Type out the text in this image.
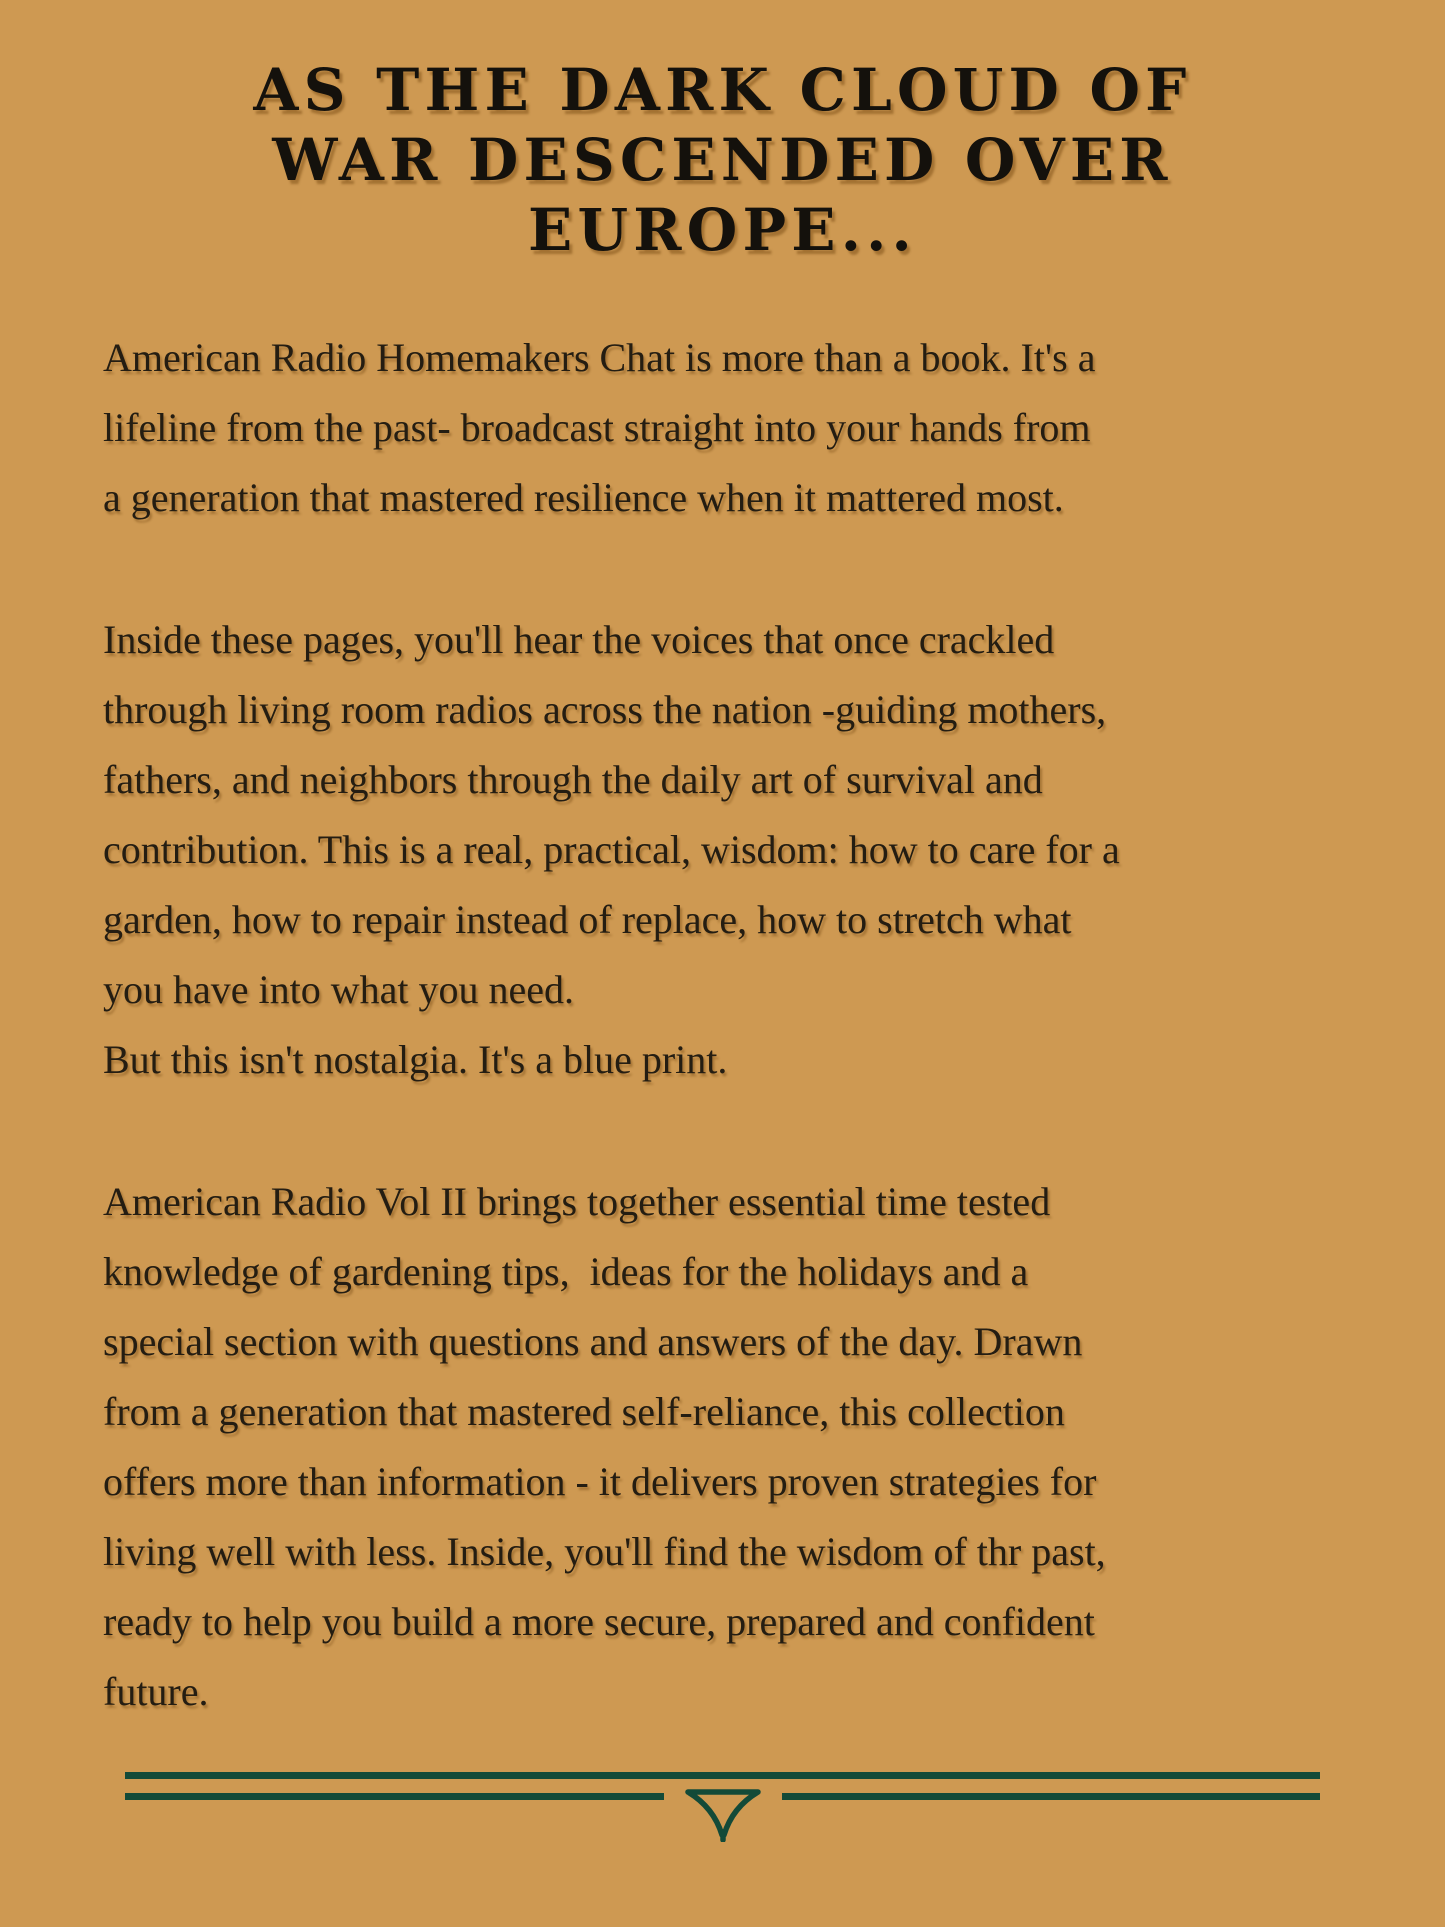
AS THE DARK CLOUD OF
WAR DESCENDED OVER
EUROPE...
American Radio Homemakers Chat is more than a book. It's a
lifeline from the past- broadcast straight into your hands from
a generation that mastered resilience when it mattered most.
Inside these pages, you'll hear the voices that once crackled
through living room radios across the nation -guiding mothers,
fathers, and neighbors through the daily art of survival and
contribution. This is a real, practical, wisdom: how to care for a
garden, how to repair instead of replace, how to stretch what
you have into what you need.
But this isn't nostalgia. It's a blue print.
American Radio Vol II brings together essential time tested
knowledge of gardening tips,  ideas for the holidays and a
special section with questions and answers of the day. Drawn
from a generation that mastered self-reliance, this collection
offers more than information - it delivers proven strategies for
living well with less. Inside, you'll find the wisdom of thr past,
ready to help you build a more secure, prepared and confident
future.
